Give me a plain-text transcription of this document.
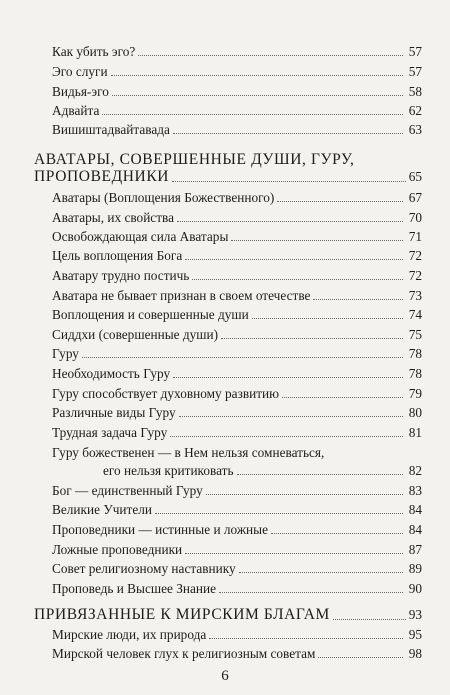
Как убить эго?	57
Эго слуги	57
Видья-эго	58
Адвайта	62
Вишиштадвайтавада	63
АВАТАРЫ, СОВЕРШЕННЫЕ ДУШИ, ГУРУ,
ПРОПОВЕДНИКИ	65
Аватары (Воплощения Божественного)	67
Аватары, их свойства	70
Освобождающая сила Аватары	71
Цель воплощения Бога	72
Аватару трудно постичь	72
Аватара не бывает признан в своем отечестве	73
Воплощения и совершенные души	74
Сиддхи (совершенные души)	75
Гуру	78
Необходимость Гуру	78
Гуру способствует духовному развитию	79
Различные виды Гуру	80
Трудная задача Гуру	81
Гуру божественен — в Нем нельзя сомневаться,
его нельзя критиковать	82
Бог — единственный Гуру	83
Великие Учители	84
Проповедники — истинные и ложные	84
Ложные проповедники	87
Совет религиозному наставнику	89
Проповедь и Высшее Знание	90
ПРИВЯЗАННЫЕ К МИРСКИМ БЛАГАМ	93
Мирские люди, их природа	95
Мирской человек глух к религиозным советам	98
6
